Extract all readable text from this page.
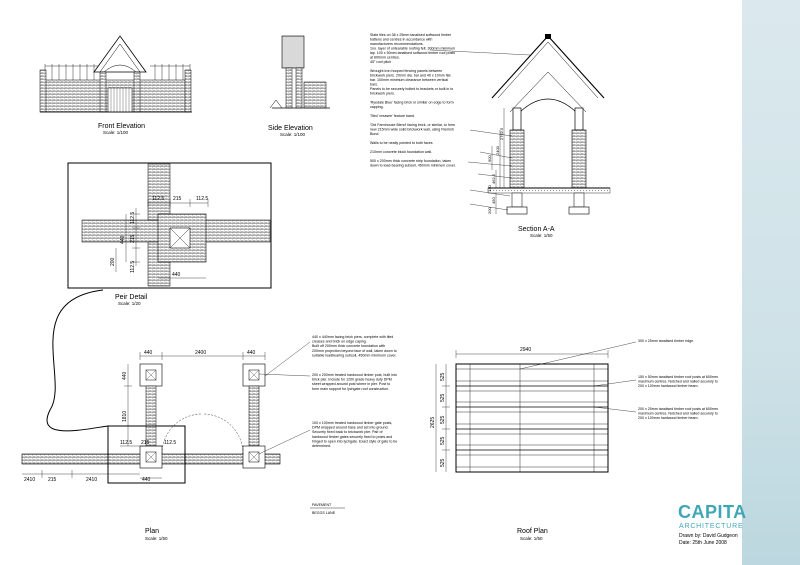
CAPITA
ARCHITECTURE
Drawn by: David Gudgeon
Date: 25th June 2008
Front Elevation
Scale: 1/100
Side Elevation
Scale: 1/100
2400
2762.5
900
462.5
140
450
200
Slate tiles on 38 x 25mm tanalised softwood timber
battens and centres in accordance with
manufacturers recommendations.
1no. layer of untearable roofing felt, 300mm minimum
lap. 100 x 50mm tanalised softwood timber roof posts
at 600mm centres.
45° roof pitch
Wrought iron hooped fencing panels between
brickwork piers. 20mm dia. bar and 40 x 10mm flat
bar. 100mm minimum clearance between vertical
bars.
Panels to be securely bolted to brackets or built in to
brickwork piers.
'Ryedale Blue' facing brick or similar on edge to form
capping.
Tiled 'creasee' feature band.
'Old Farmhouse Blend' facing brick, or similar, to form
new 215mm wide solid brickwork wall, using Flemish
Bond.
Walls to be neatly pointed to both faces
210mm concrete block foundation wall.
500 x 200mm thick concrete strip foundation, taken
down to load-bearing subsoil, 450mm minimum cover.
Section A-A
Scale: 1/50
112.5 215	112.5
112.5
215
112.5
440
200
440
Peir Detail
Scale: 1/20
440	2400	440
440
1810
112.5 215	112.5
440
2410	215	2410
440 x 440mm facing brick piers, complete with tiled
creases and brick on edge caping.
Built off 200mm thick concrete foundation with
200mm projection beyond face of wall, taken down to
suitable loadbearing subsoil, 450mm minimum cover.
200 x 200mm treated hardwood timber post, built into
brick pier. Include for 1200 grade heavy duty DPM
sheet wrapped around post where in pier. Post to
form main support for lychgate roof construction.
100 x 100mm treated hardwood timber gate posts,
DPM wrapped around base and set into ground.
Securely fixed back to brickwork pier. Pair of
hardwood timber gates securely fixed to posts and
hinged to open into lychgate. Exact style of gate to be
determined.
PAVEMENT
BEGGS LANE
Plan
Scale: 1/50
2940
525
525
525
525
525
2625
300 x 25mm tanalised timber ridge.
150 x 50mm tanalised timber roof posts at 600mm
maximum centres. Notched and nailed securely to
200 x 100mm hardwood timber beam.
200 x 25mm tanalised timber roof posts at 600mm
maximum centres. Notched and nailed securely to
200 x 100mm hardwood timber beam.
Roof Plan
Scale: 1/50
